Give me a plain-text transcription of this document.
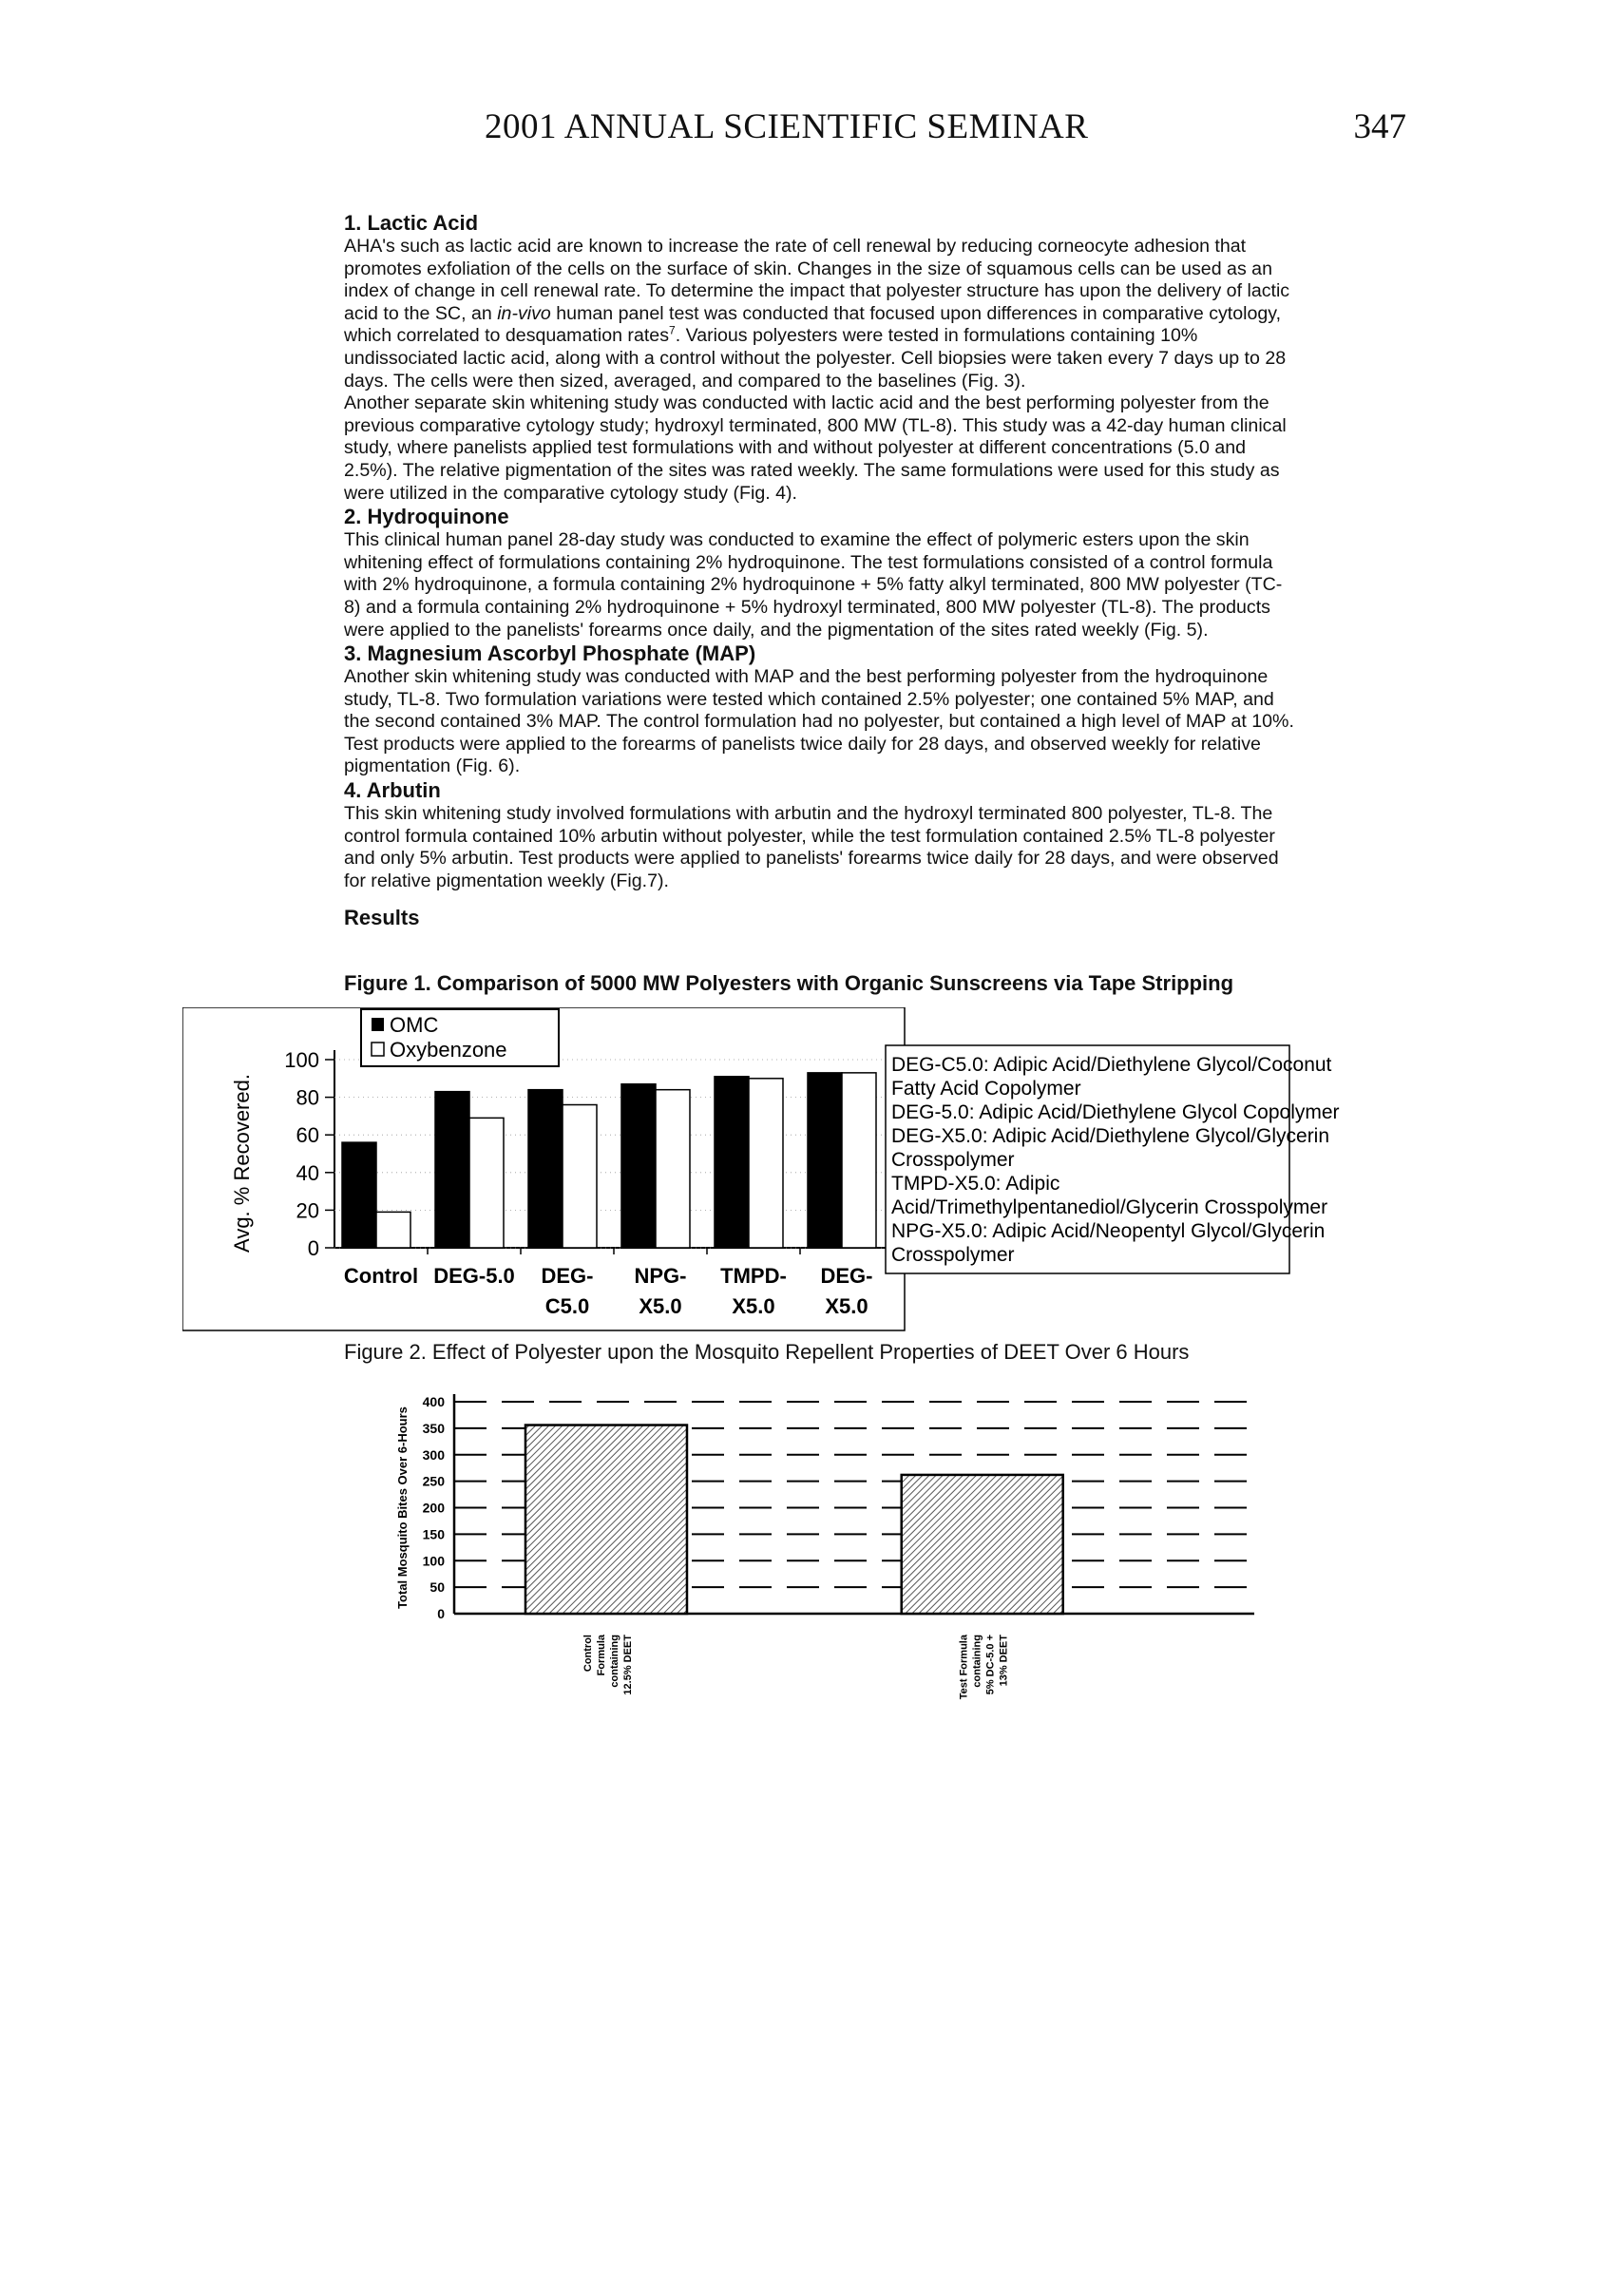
2001 ANNUAL SCIENTIFIC SEMINAR	347

1. Lactic Acid

AHA's such as lactic acid are known to increase the rate of cell renewal by reducing corneocyte adhesion that promotes exfoliation of the cells on the surface of skin. Changes in the size of squamous cells can be used as an index of change in cell renewal rate. To determine the impact that polyester structure has upon the delivery of lactic acid to the SC, an in-vivo human panel test was conducted that focused upon differences in comparative cytology, which correlated to desquamation rates$^7$. Various polyesters were tested in formulations containing 10% undissociated lactic acid, along with a control without the polyester. Cell biopsies were taken every 7 days up to 28 days. The cells were then sized, averaged, and compared to the baselines (Fig. 3).

Another separate skin whitening study was conducted with lactic acid and the best performing polyester from the previous comparative cytology study; hydroxyl terminated, 800 MW (TL-8). This study was a 42-day human clinical study, where panelists applied test formulations with and without polyester at different concentrations (5.0 and 2.5%). The relative pigmentation of the sites was rated weekly. The same formulations were used for this study as were utilized in the comparative cytology study (Fig. 4).

2. Hydroquinone

This clinical human panel 28-day study was conducted to examine the effect of polymeric esters upon the skin whitening effect of formulations containing 2% hydroquinone. The test formulations consisted of a control formula with 2% hydroquinone, a formula containing 2% hydroquinone + 5% fatty alkyl terminated, 800 MW polyester (TC-8) and a formula containing 2% hydroquinone + 5% hydroxyl terminated, 800 MW polyester (TL-8). The products were applied to the panelists' forearms once daily, and the pigmentation of the sites rated weekly (Fig. 5).

3. Magnesium Ascorbyl Phosphate (MAP)

Another skin whitening study was conducted with MAP and the best performing polyester from the hydroquinone study, TL-8. Two formulation variations were tested which contained 2.5% polyester; one contained 5% MAP, and the second contained 3% MAP. The control formulation had no polyester, but contained a high level of MAP at 10%. Test products were applied to the forearms of panelists twice daily for 28 days, and observed weekly for relative pigmentation (Fig. 6).

4. Arbutin

This skin whitening study involved formulations with arbutin and the hydroxyl terminated 800 polyester, TL-8. The control formula contained 10% arbutin without polyester, while the test formulation contained 2.5% TL-8 polyester and only 5% arbutin. Test products were applied to panelists' forearms twice daily for 28 days, and were observed for relative pigmentation weekly (Fig.7).

Results

Figure 1. Comparison of 5000 MW Polyesters with Organic Sunscreens via Tape Stripping
Avg. % Recovered.	0
20
40
60
80
100
Control DEG-5.0 DEG-
C5.0
NPG-
X5.0
TMPD-
X5.0
DEG-
X5.0
OMC
Oxybenzone
DEG-C5.0: Adipic Acid/Diethylene Glycol/Coconut
Fatty Acid Copolymer
DEG-5.0: Adipic Acid/Diethylene Glycol Copolymer
DEG-X5.0: Adipic Acid/Diethylene Glycol/Glycerin
Crosspolymer
TMPD-X5.0: Adipic
Acid/Trimethylpentanediol/Glycerin Crosspolymer
NPG-X5.0: Adipic Acid/Neopentyl Glycol/Glycerin
Crosspolymer
Figure 2. Effect of Polyester upon the Mosquito Repellent Properties of DEET Over 6 Hours
Total Mosquito Bites Over 6-Hours
0
50
100
150
200
250
300
350
400
Control Formula containing 12.5% DEET	Test Formula containing 5% DC-5.0 + 13% DEET
